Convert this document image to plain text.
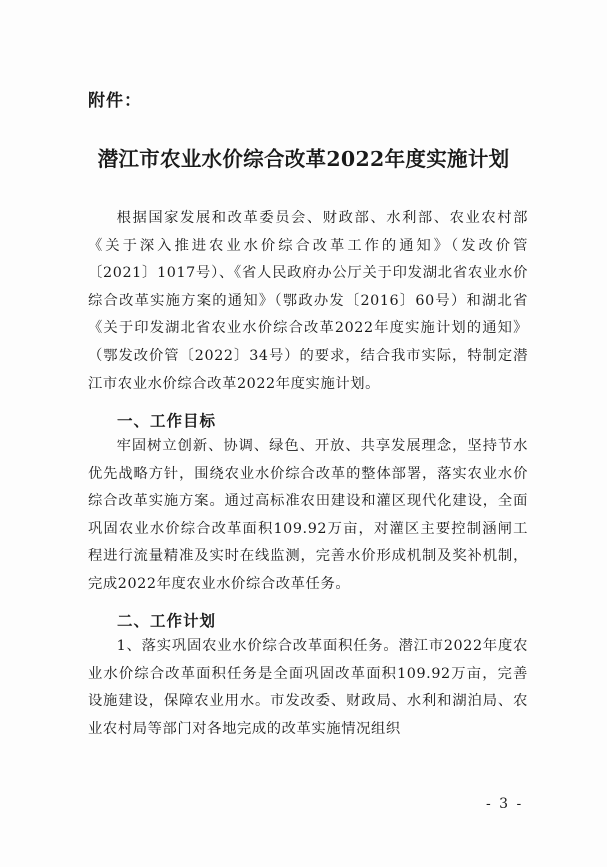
附件：
潜江市农业水价综合改革2022年度实施计划

根据国家发展和改革委员会、财政部、水利部、农业农村部《关于深入推进农业水价综合改革工作的通知》（发改价管〔2021〕1017号）、《省人民政府办公厅关于印发湖北省农业水价综合改革实施方案的通知》（鄂政办发〔2016〕60号）和湖北省《关于印发湖北省农业水价综合改革2022年度实施计划的通知》（鄂发改价管〔2022〕34号）的要求，结合我市实际，特制定潜江市农业水价综合改革2022年度实施计划。

一、工作目标

牢固树立创新、协调、绿色、开放、共享发展理念，坚持节水优先战略方针，围绕农业水价综合改革的整体部署，落实农业水价综合改革实施方案。通过高标准农田建设和灌区现代化建设，全面巩固农业水价综合改革面积109.92万亩，对灌区主要控制涵闸工程进行流量精准及实时在线监测，完善水价形成机制及奖补机制，完成2022年度农业水价综合改革任务。

二、工作计划

1、落实巩固农业水价综合改革面积任务。潜江市2022年度农业水价综合改革面积任务是全面巩固改革面积109.92万亩，完善设施建设，保障农业用水。市发改委、财政局、水利和湖泊局、农业农村局等部门对各地完成的改革实施情况组织

- 3 -
